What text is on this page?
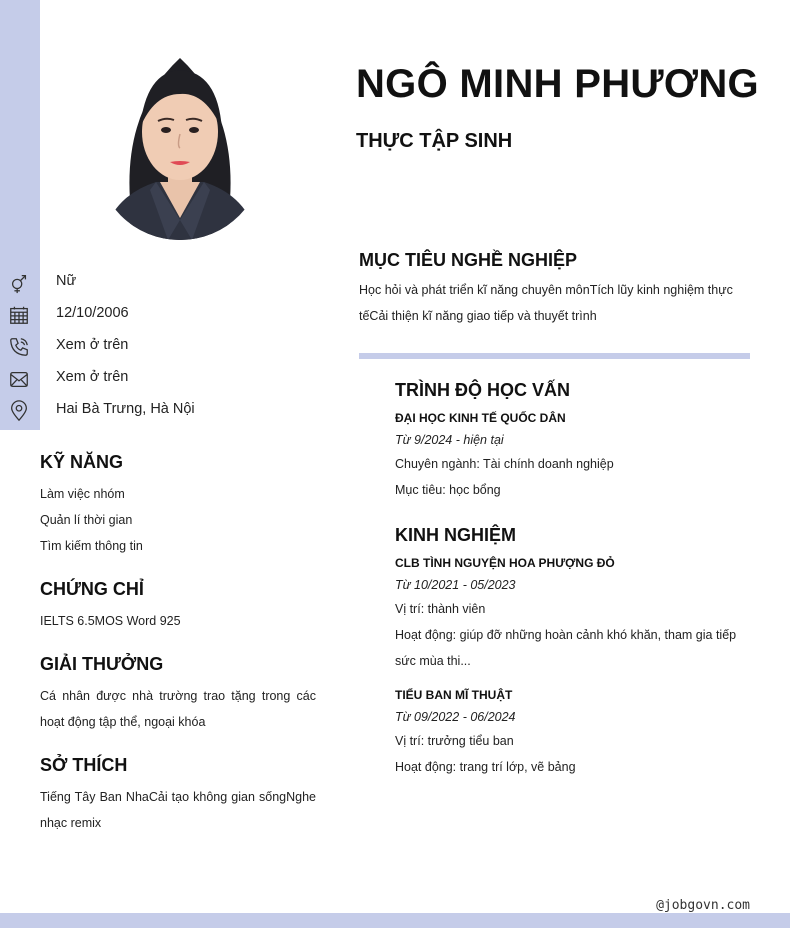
NGÔ MINH PHƯƠNG
THỰC TẬP SINH
Nữ
12/10/2006
Xem ở trên
Xem ở trên
Hai Bà Trưng, Hà Nội
KỸ NĂNG
Làm việc nhóm
Quản lí thời gian
Tìm kiếm thông tin
CHỨNG CHỈ
IELTS 6.5MOS Word 925
GIẢI THƯỞNG
Cá nhân được nhà trường trao tặng trong các hoạt động tập thể, ngoại khóa
SỞ THÍCH
Tiếng Tây Ban NhaCải tạo không gian sốngNghe nhạc remix
MỤC TIÊU NGHỀ NGHIỆP
Học hỏi và phát triển kĩ năng chuyên mônTích lũy kinh nghiệm thực tếCải thiện kĩ năng giao tiếp và thuyết trình
TRÌNH ĐỘ HỌC VẤN
ĐẠI HỌC KINH TẾ QUỐC DÂN
Từ 9/2024 - hiện tại
Chuyên ngành: Tài chính doanh nghiệp
Mục tiêu: học bổng
KINH NGHIỆM
CLB TÌNH NGUYỆN HOA PHƯỢNG ĐỎ
Từ 10/2021 - 05/2023
Vị trí: thành viên
Hoạt động: giúp đỡ những hoàn cảnh khó khăn, tham gia tiếp sức mùa thi...
TIỂU BAN MĨ THUẬT
Từ 09/2022 - 06/2024
Vị trí: trưởng tiểu ban
Hoạt động: trang trí lớp, vẽ bảng
@jobgovn.com
